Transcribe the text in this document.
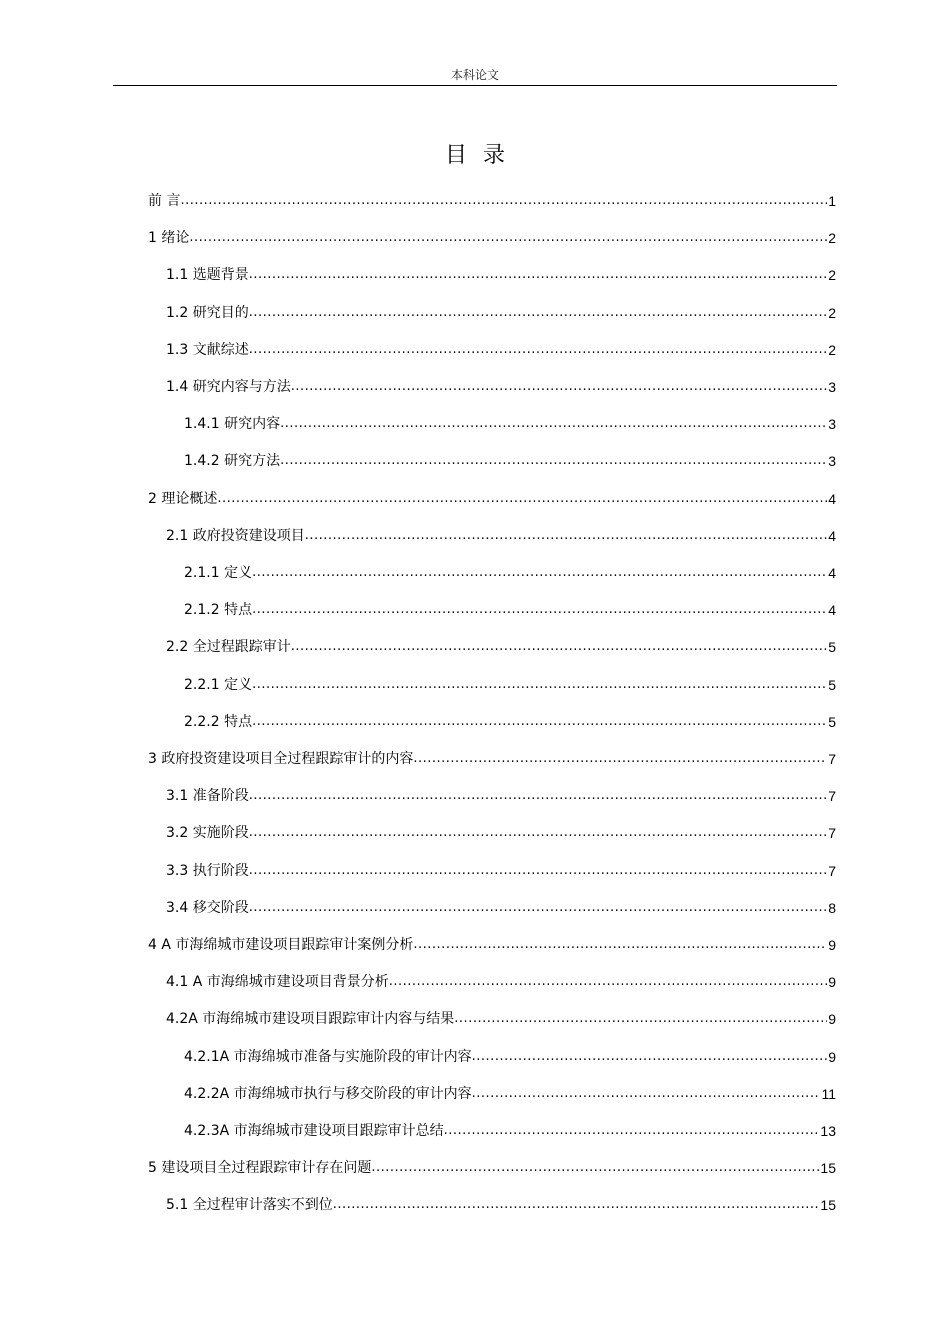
本科论文
目录
前 言 .....	1
1 绪论 .....	2
1.1 选题背景 .....	2
1.2 研究目的 .....	2
1.3 文献综述 .....	2
1.4 研究内容与方法 .....	3
1.4.1 研究内容 .....	3
1.4.2 研究方法 .....	3
2 理论概述 .....	4
2.1 政府投资建设项目 .....	4
2.1.1 定义 .....	4
2.1.2 特点 .....	4
2.2 全过程跟踪审计 .....	5
2.2.1 定义 .....	5
2.2.2 特点 .....	5
3 政府投资建设项目全过程跟踪审计的内容 .....	7
3.1 准备阶段 .....	7
3.2 实施阶段 .....	7
3.3 执行阶段 .....	7
3.4 移交阶段 .....	8
4 A 市海绵城市建设项目跟踪审计案例分析 .....	9
4.1 A 市海绵城市建设项目背景分析 .....	9
4.2A 市海绵城市建设项目跟踪审计内容与结果 .....	9
4.2.1A 市海绵城市准备与实施阶段的审计内容 .....	9
4.2.2A 市海绵城市执行与移交阶段的审计内容 .....	11
4.2.3A 市海绵城市建设项目跟踪审计总结 .....	13
5 建设项目全过程跟踪审计存在问题 .....	15
5.1 全过程审计落实不到位 .....	15
